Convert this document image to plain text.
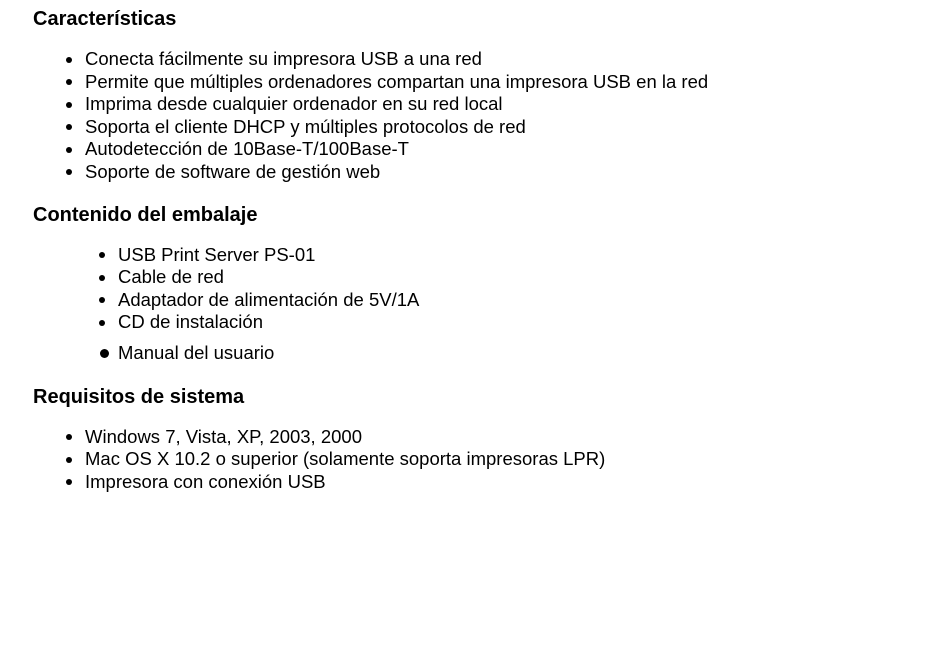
Características
Conecta fácilmente su impresora USB a una red
Permite que múltiples ordenadores compartan una impresora USB en la red
Imprima desde cualquier ordenador en su red local
Soporta el cliente DHCP y múltiples protocolos de red
Autodetección de 10Base-T/100Base-T
Soporte de software de gestión web
Contenido del embalaje
USB Print Server PS-01
Cable de red
Adaptador de alimentación de 5V/1A
CD de instalación
Manual del usuario
Requisitos de sistema
Windows 7, Vista, XP, 2003, 2000
Mac OS X 10.2 o superior (solamente soporta impresoras LPR)
Impresora con conexión USB
